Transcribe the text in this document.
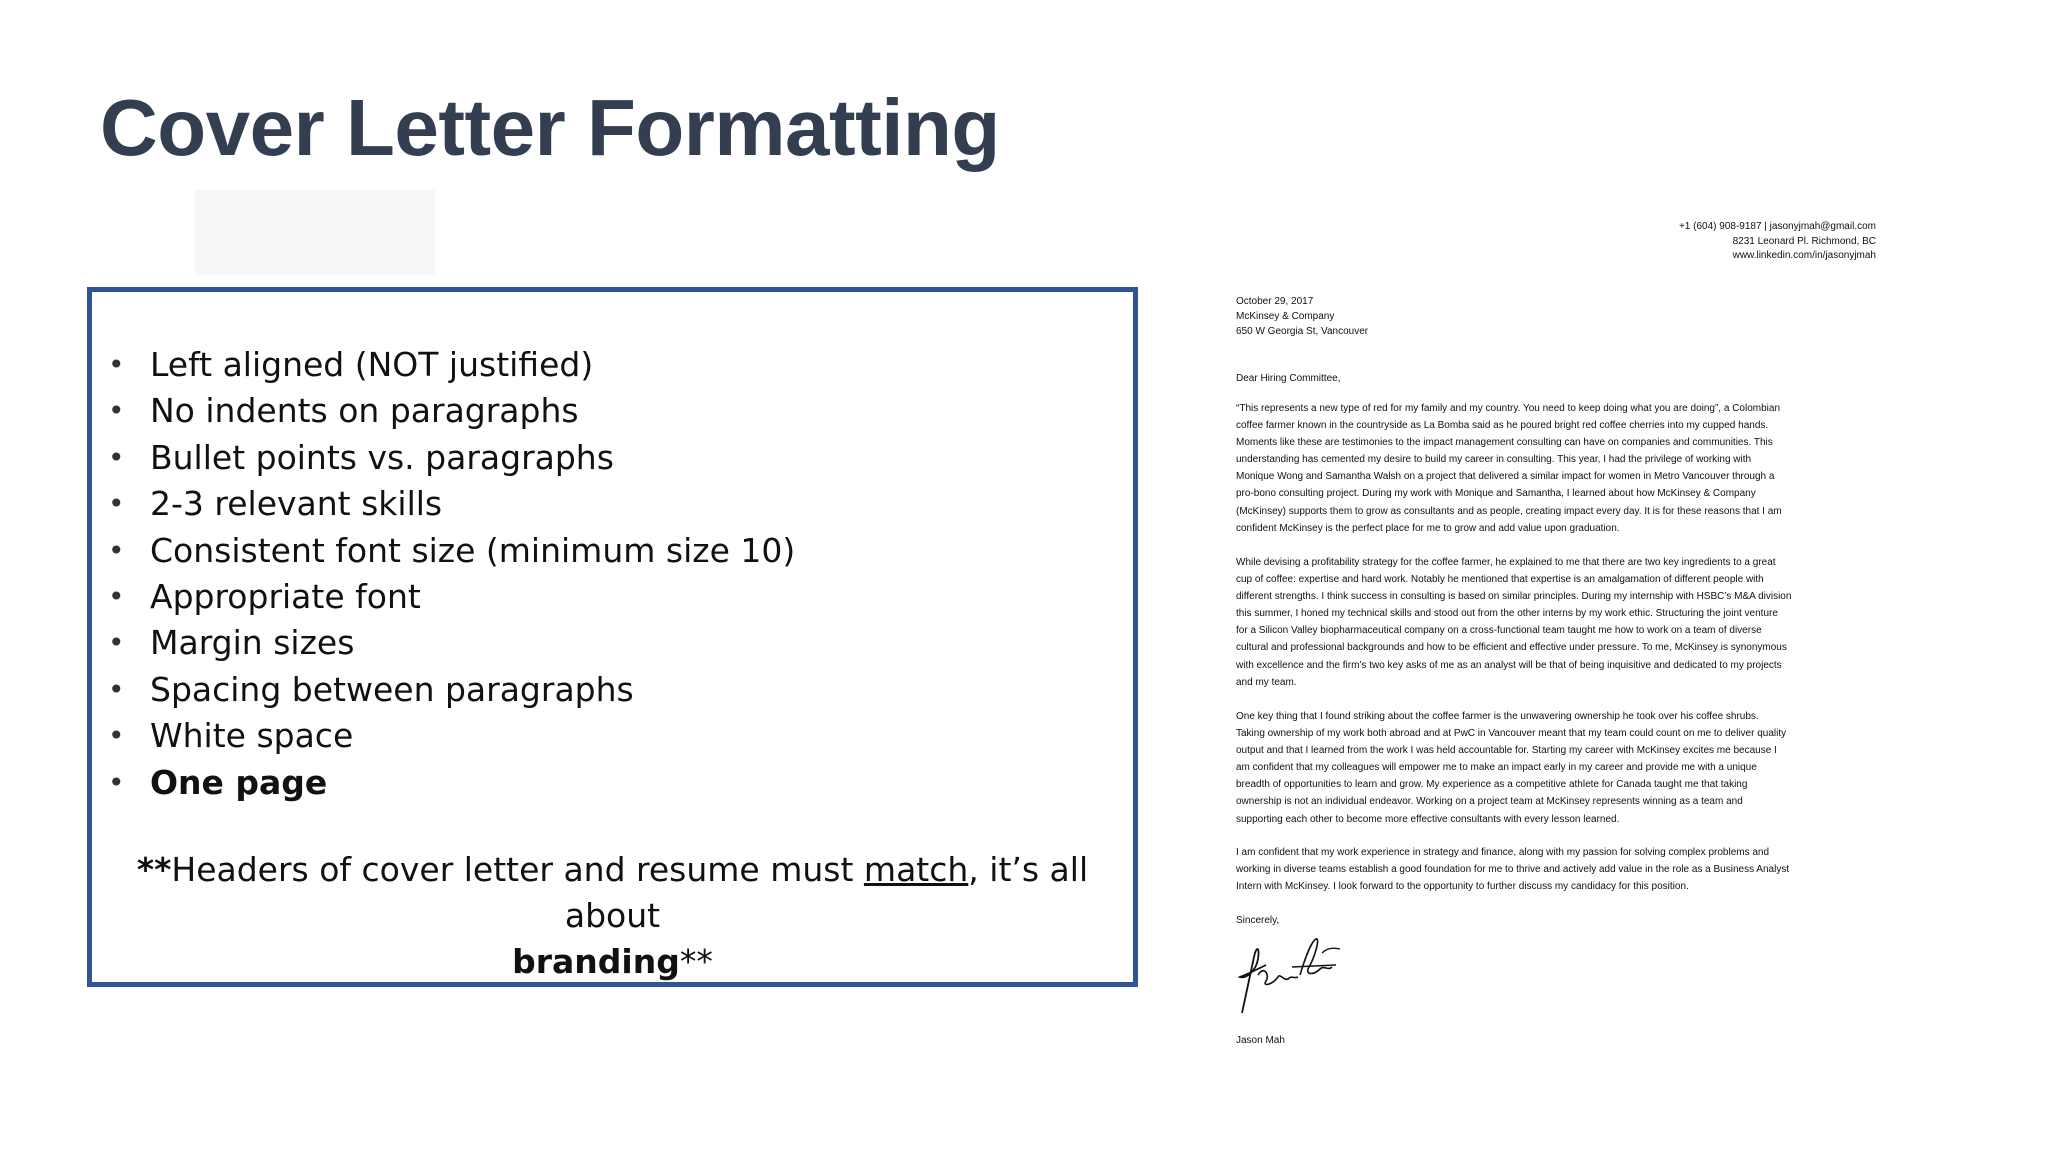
Cover Letter Formatting
• Left aligned (NOT justified)
• No indents on paragraphs
• Bullet points vs. paragraphs
• 2-3 relevant skills
• Consistent font size (minimum size 10)
• Appropriate font
• Margin sizes
• Spacing between paragraphs
• White space
• One page
**Headers of cover letter and resume must match, it’s all about
branding**
+1 (604) 908-9187 | jasonyjmah@gmail.com
8231 Leonard Pl. Richmond, BC
www.linkedin.com/in/jasonyjmah
October 29, 2017
McKinsey & Company
650 W Georgia St, Vancouver
Dear Hiring Committee,
“This represents a new type of red for my family and my country. You need to keep doing what you are doing”, a Colombian
coffee farmer known in the countryside as La Bomba said as he poured bright red coffee cherries into my cupped hands.
Moments like these are testimonies to the impact management consulting can have on companies and communities. This
understanding has cemented my desire to build my career in consulting. This year, I had the privilege of working with
Monique Wong and Samantha Walsh on a project that delivered a similar impact for women in Metro Vancouver through a
pro-bono consulting project. During my work with Monique and Samantha, I learned about how McKinsey & Company
(McKinsey) supports them to grow as consultants and as people, creating impact every day. It is for these reasons that I am
confident McKinsey is the perfect place for me to grow and add value upon graduation.
While devising a profitability strategy for the coffee farmer, he explained to me that there are two key ingredients to a great
cup of coffee: expertise and hard work. Notably he mentioned that expertise is an amalgamation of different people with
different strengths. I think success in consulting is based on similar principles. During my internship with HSBC’s M&A division
this summer, I honed my technical skills and stood out from the other interns by my work ethic. Structuring the joint venture
for a Silicon Valley biopharmaceutical company on a cross-functional team taught me how to work on a team of diverse
cultural and professional backgrounds and how to be efficient and effective under pressure. To me, McKinsey is synonymous
with excellence and the firm’s two key asks of me as an analyst will be that of being inquisitive and dedicated to my projects
and my team.
One key thing that I found striking about the coffee farmer is the unwavering ownership he took over his coffee shrubs.
Taking ownership of my work both abroad and at PwC in Vancouver meant that my team could count on me to deliver quality
output and that I learned from the work I was held accountable for. Starting my career with McKinsey excites me because I
am confident that my colleagues will empower me to make an impact early in my career and provide me with a unique
breadth of opportunities to learn and grow. My experience as a competitive athlete for Canada taught me that taking
ownership is not an individual endeavor. Working on a project team at McKinsey represents winning as a team and
supporting each other to become more effective consultants with every lesson learned.
I am confident that my work experience in strategy and finance, along with my passion for solving complex problems and
working in diverse teams establish a good foundation for me to thrive and actively add value in the role as a Business Analyst
Intern with McKinsey. I look forward to the opportunity to further discuss my candidacy for this position.
Sincerely,
Jason Mah
